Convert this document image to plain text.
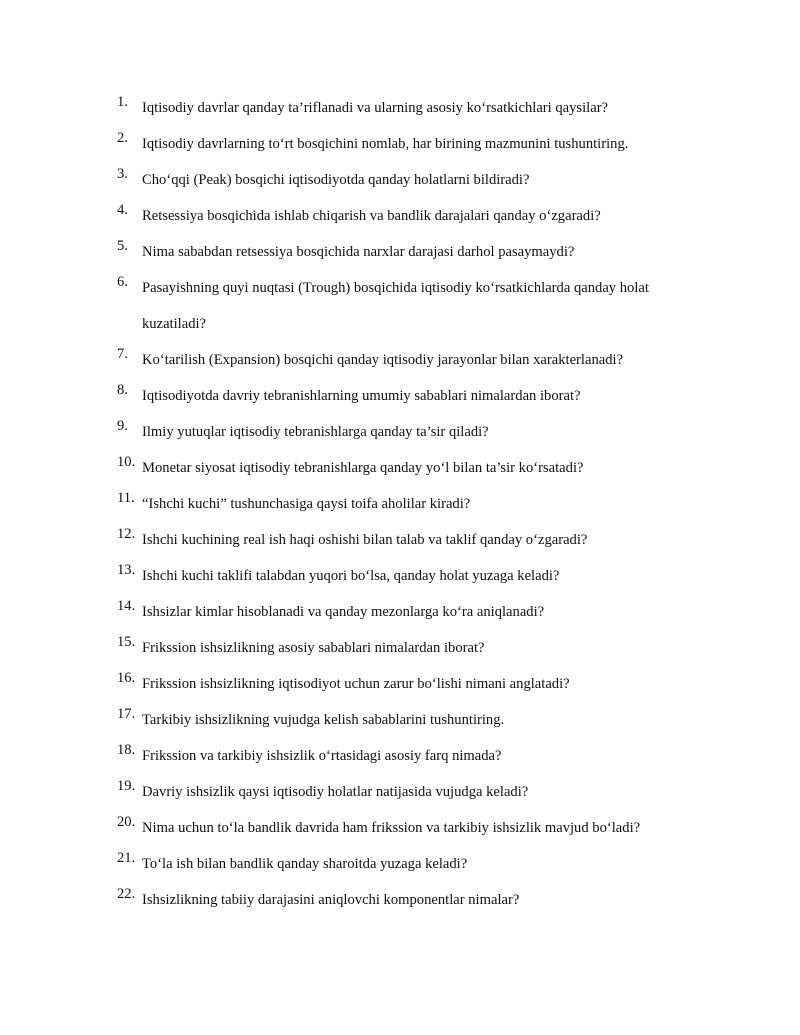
1. Iqtisodiy davrlar qanday ta’riflanadi va ularning asosiy ko‘rsatkichlari qaysilar?
2. Iqtisodiy davrlarning to‘rt bosqichini nomlab, har birining mazmunini tushuntiring.
3. Cho‘qqi (Peak) bosqichi iqtisodiyotda qanday holatlarni bildiradi?
4. Retsessiya bosqichida ishlab chiqarish va bandlik darajalari qanday o‘zgaradi?
5. Nima sababdan retsessiya bosqichida narxlar darajasi darhol pasaymaydi?
6. Pasayishning quyi nuqtasi (Trough) bosqichida iqtisodiy ko‘rsatkichlarda qanday holat kuzatiladi?
7. Ko‘tarilish (Expansion) bosqichi qanday iqtisodiy jarayonlar bilan xarakterlanadi?
8. Iqtisodiyotda davriy tebranishlarning umumiy sabablari nimalardan iborat?
9. Ilmiy yutuqlar iqtisodiy tebranishlarga qanday ta’sir qiladi?
10. Monetar siyosat iqtisodiy tebranishlarga qanday yo‘l bilan ta’sir ko‘rsatadi?
11. “Ishchi kuchi” tushunchasiga qaysi toifa aholilar kiradi?
12. Ishchi kuchining real ish haqi oshishi bilan talab va taklif qanday o‘zgaradi?
13. Ishchi kuchi taklifi talabdan yuqori bo‘lsa, qanday holat yuzaga keladi?
14. Ishsizlar kimlar hisoblanadi va qanday mezonlarga ko‘ra aniqlanadi?
15. Frikssion ishsizlikning asosiy sabablari nimalardan iborat?
16. Frikssion ishsizlikning iqtisodiyot uchun zarur bo‘lishi nimani anglatadi?
17. Tarkibiy ishsizlikning vujudga kelish sabablarini tushuntiring.
18. Frikssion va tarkibiy ishsizlik o‘rtasidagi asosiy farq nimada?
19. Davriy ishsizlik qaysi iqtisodiy holatlar natijasida vujudga keladi?
20. Nima uchun to‘la bandlik davrida ham frikssion va tarkibiy ishsizlik mavjud bo‘ladi?
21. To‘la ish bilan bandlik qanday sharoitda yuzaga keladi?
22. Ishsizlikning tabiiy darajasini aniqlovchi komponentlar nimalar?
